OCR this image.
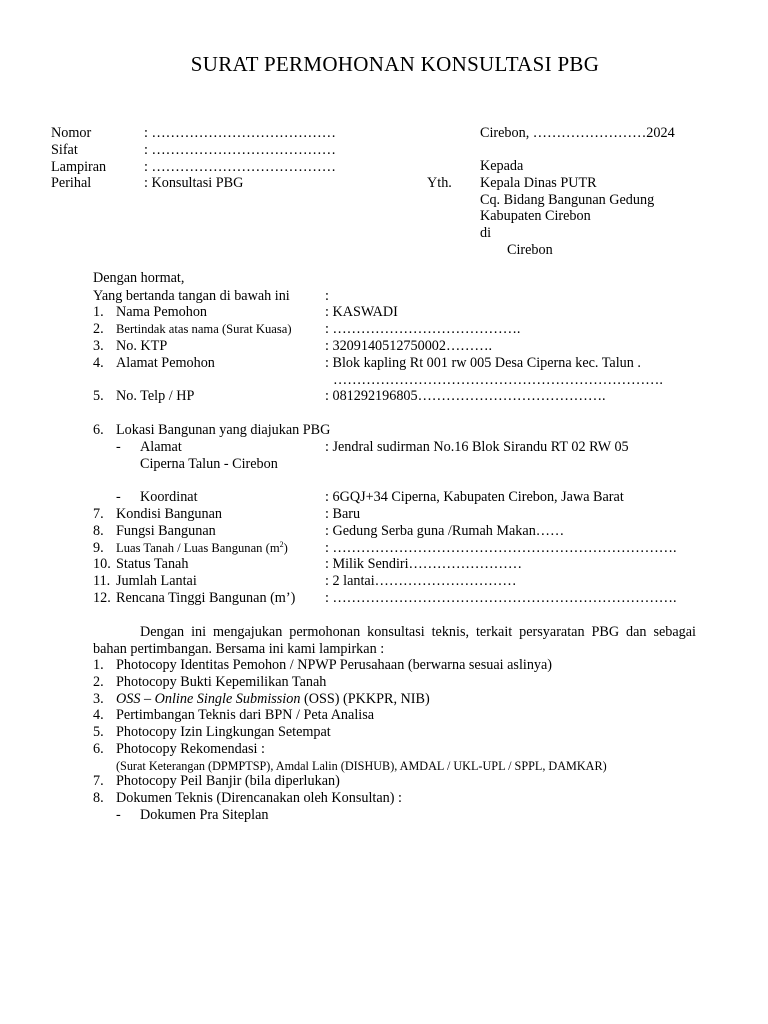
SURAT PERMOHONAN KONSULTASI PBG
Nomor	: …………………………………
Sifat	: …………………………………
Lampiran	: …………………………………
Perihal	: Konsultasi PBG
Cirebon, ……………………2024
Kepada
Yth. Kepala Dinas PUTR
Cq. Bidang Bangunan Gedung
Kabupaten Cirebon
di
Cirebon
Dengan hormat,
Yang bertanda tangan di bawah ini :
1. Nama Pemohon	: KASWADI
2. Bertindak atas nama (Surat Kuasa) : ………………………………….
3. No. KTP	: 3209140512750002……….
4. Alamat Pemohon	: Blok kapling Rt 001 rw 005 Desa Ciperna kec. Talun .
…………………………………………………………….
5. No. Telp / HP	: 081292196805………………………………….
6. Lokasi Bangunan yang diajukan PBG
- Alamat	: Jendral sudirman No.16 Blok Sirandu RT 02 RW 05
Ciperna Talun - Cirebon
- Koordinat	: 6GQJ+34 Ciperna, Kabupaten Cirebon, Jawa Barat
7. Kondisi Bangunan	: Baru
8. Fungsi Bangunan	: Gedung Serba guna /Rumah Makan……
9. Luas Tanah / Luas Bangunan $(m^2)$	: ……………………………………………………………….
10. Status Tanah	: Milik Sendiri……………………
11. Jumlah Lantai	: 2 lantai…………………………
12. Rencana Tinggi Bangunan (m’) : ……………………………………………………………….
Dengan ini mengajukan permohonan konsultasi teknis, terkait persyaratan PBG dan sebagai bahan pertimbangan. Bersama ini kami lampirkan :
1. Photocopy Identitas Pemohon / NPWP Perusahaan (berwarna sesuai aslinya)
2. Photocopy Bukti Kepemilikan Tanah
3. OSS – Online Single Submission (OSS) (PKKPR, NIB)
4. Pertimbangan Teknis dari BPN / Peta Analisa
5. Photocopy Izin Lingkungan Setempat
6. Photocopy Rekomendasi :
(Surat Keterangan (DPMPTSP), Amdal Lalin (DISHUB), AMDAL / UKL-UPL / SPPL, DAMKAR)
7. Photocopy Peil Banjir (bila diperlukan)
8. Dokumen Teknis (Direncanakan oleh Konsultan) :
- Dokumen Pra Siteplan
